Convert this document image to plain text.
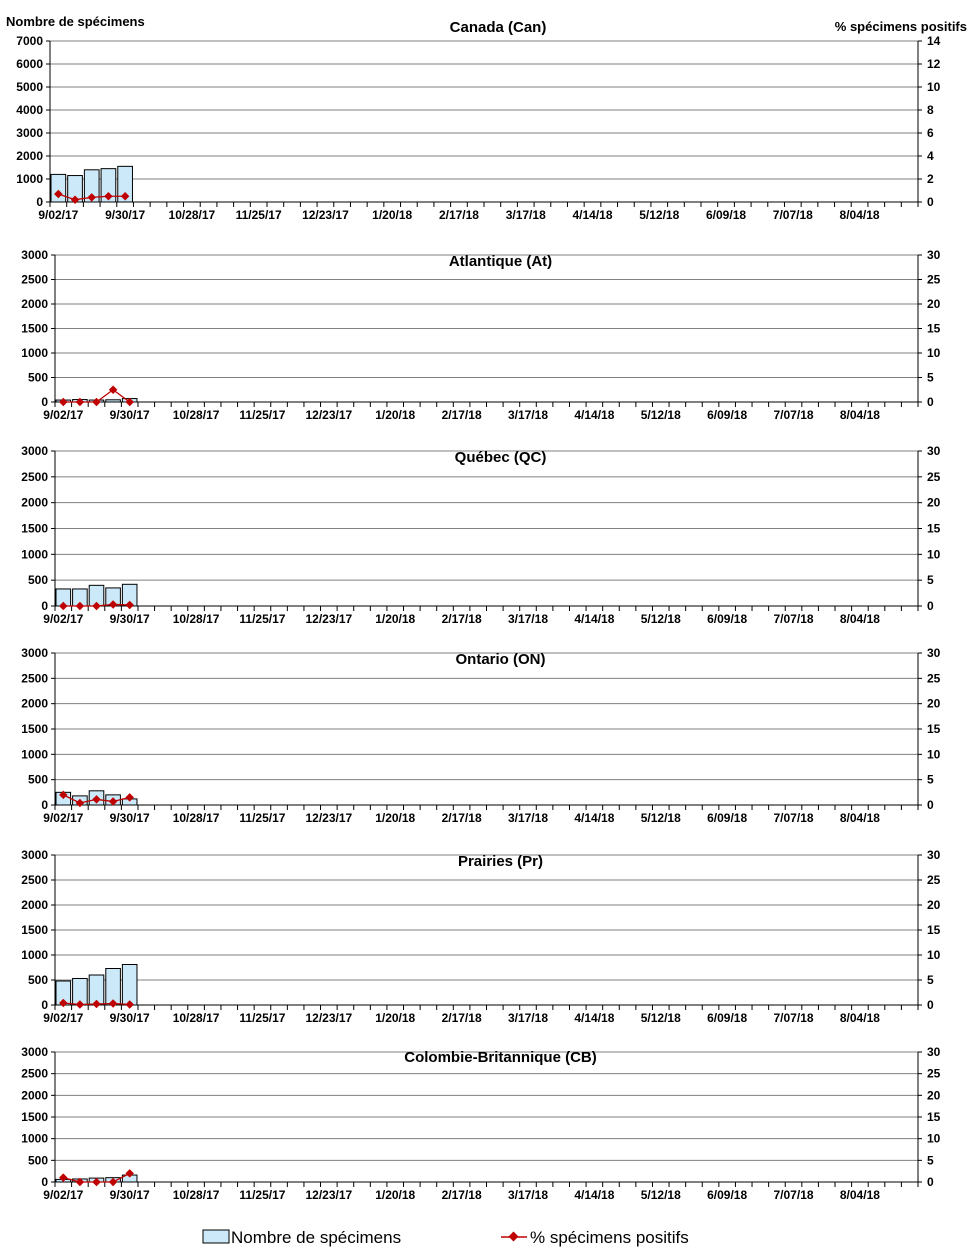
Nombre de spécimens	% spécimens positifs
0
1000
2000
3000
4000
5000
6000
7000
0
2
4
6
8
10
12
14
9/02/17 9/30/17 10/28/17 11/25/17 12/23/17 1/20/18 2/17/18 3/17/18 4/14/18 5/12/18 6/09/18 7/07/18 8/04/18
Canada (Can)
0
500
1000
1500
2000
2500
3000
0
5
10
15
20
25
30
9/02/17 9/30/17 10/28/17 11/25/17 12/23/17 1/20/18 2/17/18 3/17/18 4/14/18 5/12/18 6/09/18 7/07/18 8/04/18
Atlantique (At)
0
500
1000
1500
2000
2500
3000
0
5
10
15
20
25
30
9/02/17 9/30/17 10/28/17 11/25/17 12/23/17 1/20/18 2/17/18 3/17/18 4/14/18 5/12/18 6/09/18 7/07/18 8/04/18
Québec (QC)
0
500
1000
1500
2000
2500
3000
0
5
10
15
20
25
30
9/02/17 9/30/17 10/28/17 11/25/17 12/23/17 1/20/18 2/17/18 3/17/18 4/14/18 5/12/18 6/09/18 7/07/18 8/04/18
Ontario (ON)
0
500
1000
1500
2000
2500
3000
0
5
10
15
20
25
30
9/02/17 9/30/17 10/28/17 11/25/17 12/23/17 1/20/18 2/17/18 3/17/18 4/14/18 5/12/18 6/09/18 7/07/18 8/04/18
Prairies (Pr)
0
500
1000
1500
2000
2500
3000
0
5
10
15
20
25
30
9/02/17 9/30/17 10/28/17 11/25/17 12/23/17 1/20/18 2/17/18 3/17/18 4/14/18 5/12/18 6/09/18 7/07/18 8/04/18
Colombie-Britannique (CB)
Nombre de spécimens	% spécimens positifs
